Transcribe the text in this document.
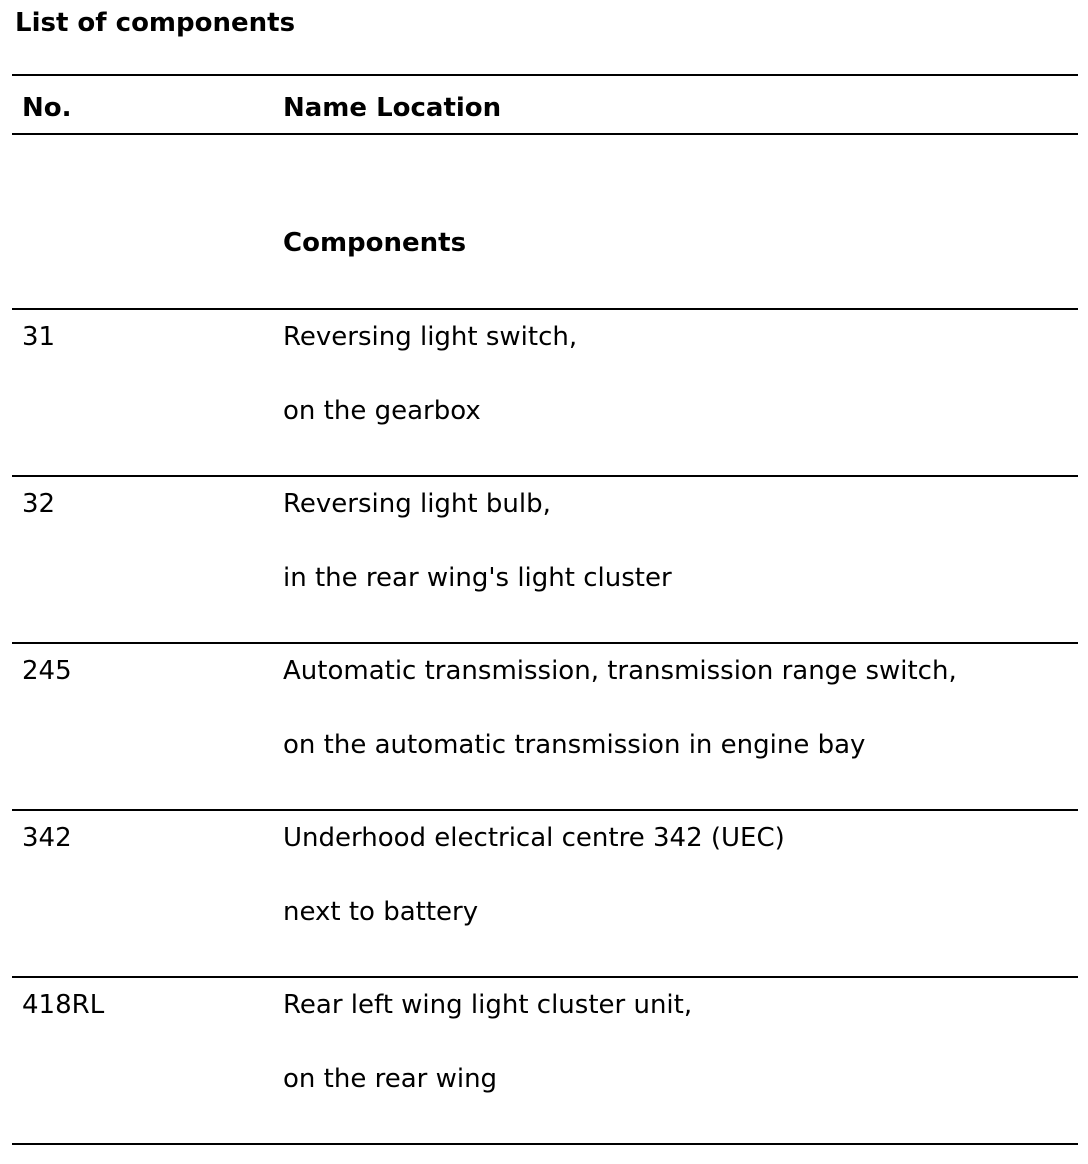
List of components
No.	Name Location
Components
31	Reversing light switch,
on the gearbox
32	Reversing light bulb,
in the rear wing's light cluster
245	Automatic transmission, transmission range switch,
on the automatic transmission in engine bay
342	Underhood electrical centre 342 (UEC)
next to battery
418RL	Rear left wing light cluster unit,
on the rear wing
